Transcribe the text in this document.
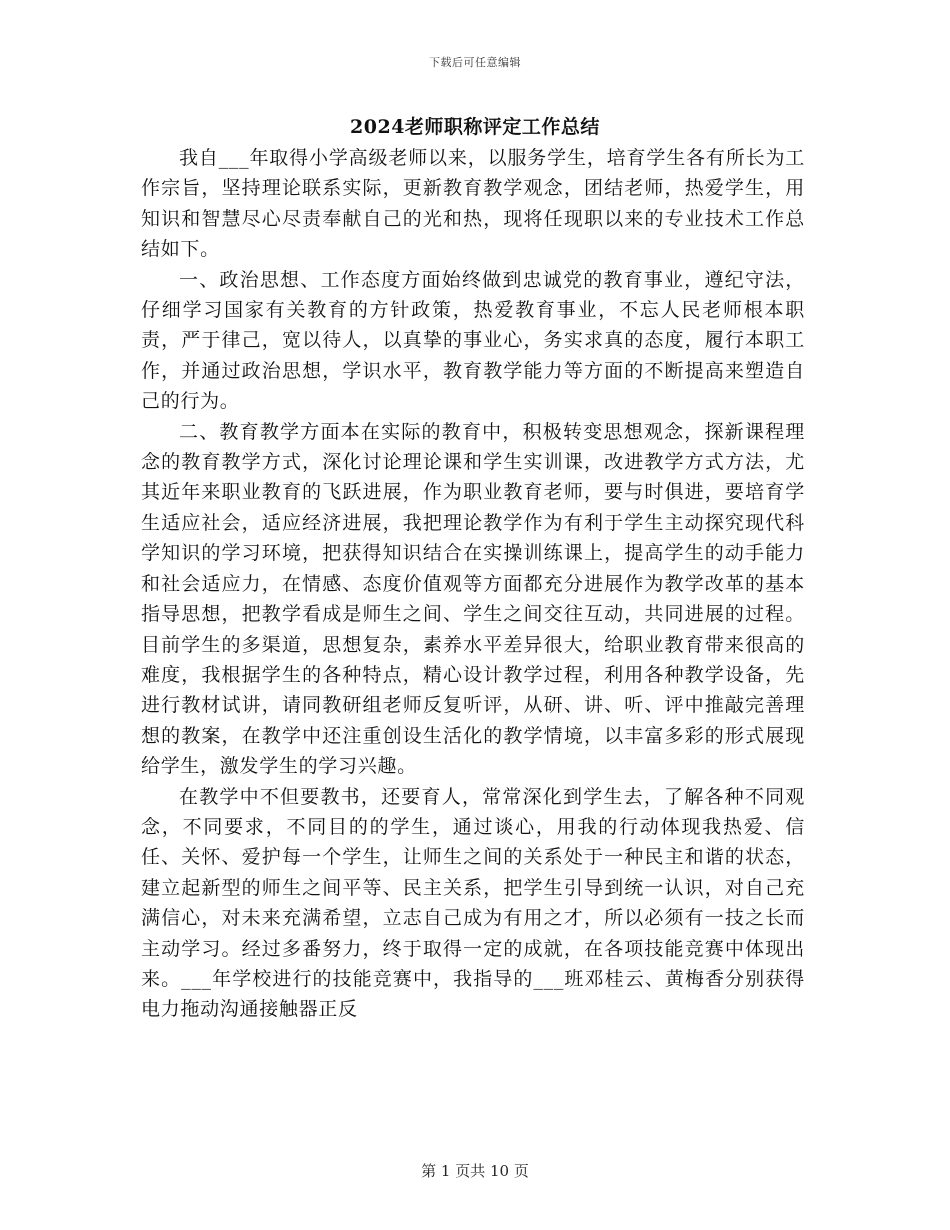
下载后可任意编辑
2024老师职称评定工作总结

我自___年取得小学高级老师以来，以服务学生，培育学生各有所长为工作宗旨，坚持理论联系实际，更新教育教学观念，团结老师，热爱学生，用知识和智慧尽心尽责奉献自己的光和热，现将任现职以来的专业技术工作总结如下。

一、政治思想、工作态度方面始终做到忠诚党的教育事业，遵纪守法，仔细学习国家有关教育的方针政策，热爱教育事业，不忘人民老师根本职责，严于律己，宽以待人，以真挚的事业心，务实求真的态度，履行本职工作，并通过政治思想，学识水平，教育教学能力等方面的不断提高来塑造自己的行为。

二、教育教学方面本在实际的教育中，积极转变思想观念，探新课程理念的教育教学方式，深化讨论理论课和学生实训课，改进教学方式方法，尤其近年来职业教育的飞跃进展，作为职业教育老师，要与时俱进，要培育学生适应社会，适应经济进展，我把理论教学作为有利于学生主动探究现代科学知识的学习环境，把获得知识结合在实操训练课上，提高学生的动手能力和社会适应力，在情感、态度价值观等方面都充分进展作为教学改革的基本指导思想，把教学看成是师生之间、学生之间交往互动，共同进展的过程。目前学生的多渠道，思想复杂，素养水平差异很大，给职业教育带来很高的难度，我根据学生的各种特点，精心设计教学过程，利用各种教学设备，先进行教材试讲，请同教研组老师反复听评，从研、讲、听、评中推敲完善理想的教案，在教学中还注重创设生活化的教学情境，以丰富多彩的形式展现给学生，激发学生的学习兴趣。

在教学中不但要教书，还要育人，常常深化到学生去，了解各种不同观念，不同要求，不同目的的学生，通过谈心，用我的行动体现我热爱、信任、关怀、爱护每一个学生，让师生之间的关系处于一种民主和谐的状态，建立起新型的师生之间平等、民主关系，把学生引导到统一认识，对自己充满信心，对未来充满希望，立志自己成为有用之才，所以必须有一技之长而主动学习。经过多番努力，终于取得一定的成就，在各项技能竞赛中体现出来。___年学校进行的技能竞赛中，我指导的___班邓桂云、黄梅香分别获得电力拖动沟通接触器正反

第 1 页共 10 页
